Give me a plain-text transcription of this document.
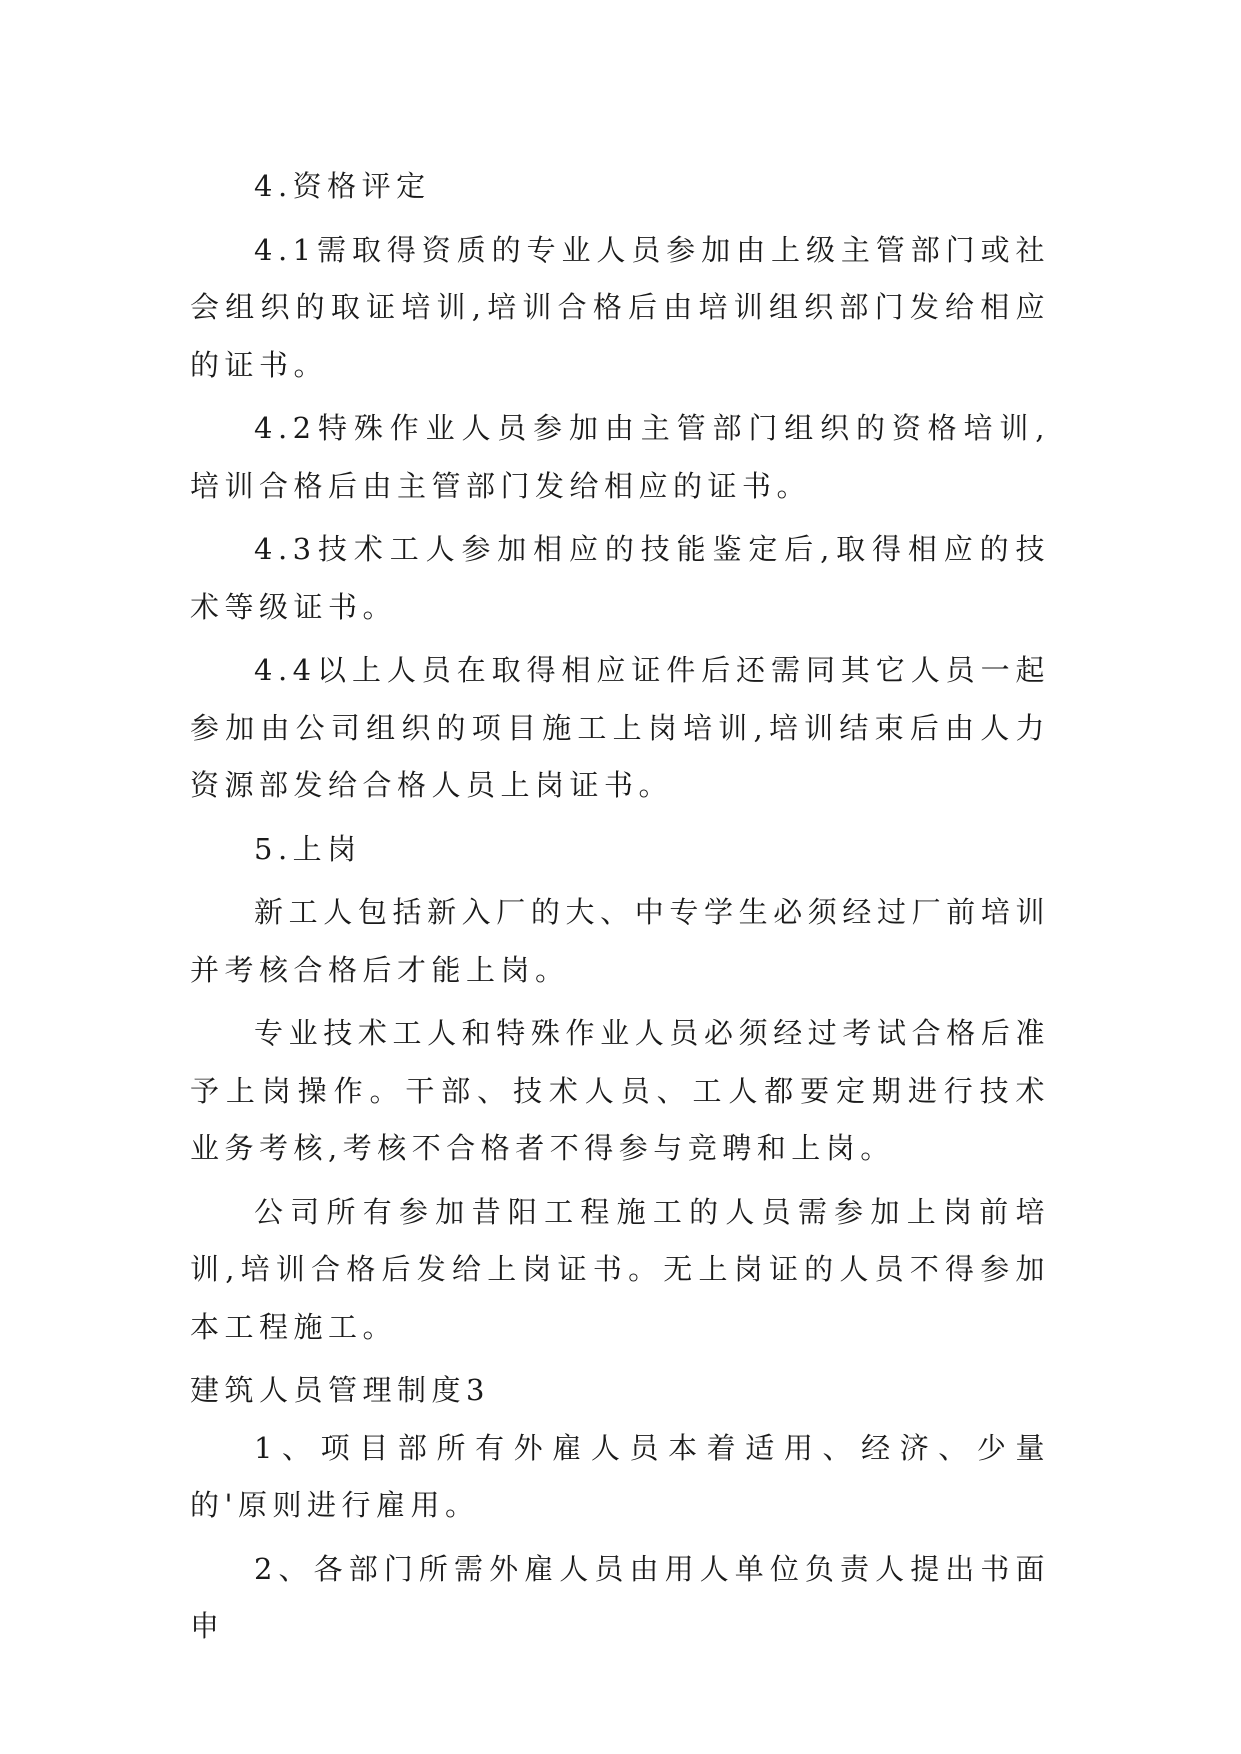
4.资格评定

4.1需取得资质的专业人员参加由上级主管部门或社会组织的取证培训,培训合格后由培训组织部门发给相应的证书。

4.2特殊作业人员参加由主管部门组织的资格培训,培训合格后由主管部门发给相应的证书。

4.3技术工人参加相应的技能鉴定后,取得相应的技术等级证书。

4.4以上人员在取得相应证件后还需同其它人员一起参加由公司组织的项目施工上岗培训,培训结束后由人力资源部发给合格人员上岗证书。

5.上岗

新工人包括新入厂的大、中专学生必须经过厂前培训并考核合格后才能上岗。

专业技术工人和特殊作业人员必须经过考试合格后准予上岗操作。干部、技术人员、工人都要定期进行技术业务考核,考核不合格者不得参与竞聘和上岗。

公司所有参加昔阳工程施工的人员需参加上岗前培训,培训合格后发给上岗证书。无上岗证的人员不得参加本工程施工。

建筑人员管理制度3

1、项目部所有外雇人员本着适用、经济、少量的'原则进行雇用。

2、各部门所需外雇人员由用人单位负责人提出书面申
